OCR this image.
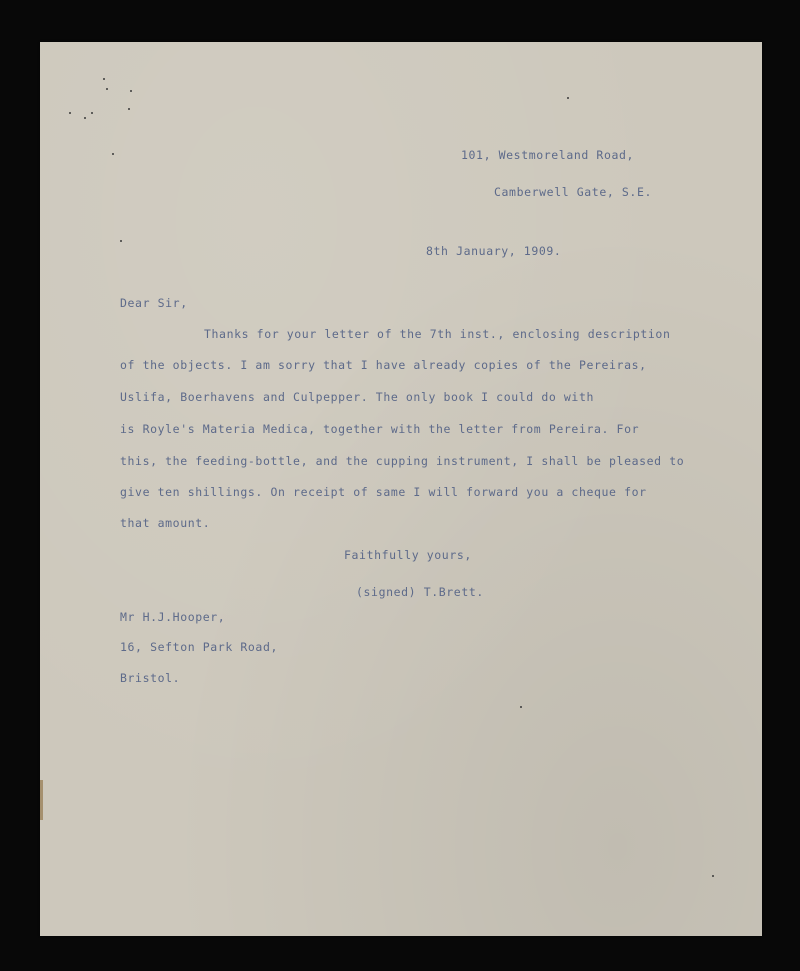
101, Westmoreland Road,
Camberwell Gate, S.E.
8th January, 1909.
Dear Sir,
Thanks for your letter of the 7th inst., enclosing description
of the objects. I am sorry that I have already copies of the Pereiras,
Uslifa, Boerhavens and Culpepper. The only book I could do with
is Royle's Materia Medica, together with the letter from Pereira. For
this, the feeding-bottle, and the cupping instrument, I shall be pleased to
give ten shillings. On receipt of same I will forward you a cheque for
that amount.
Faithfully yours,
(signed) T.Brett.
Mr H.J.Hooper,
16, Sefton Park Road,
Bristol.
